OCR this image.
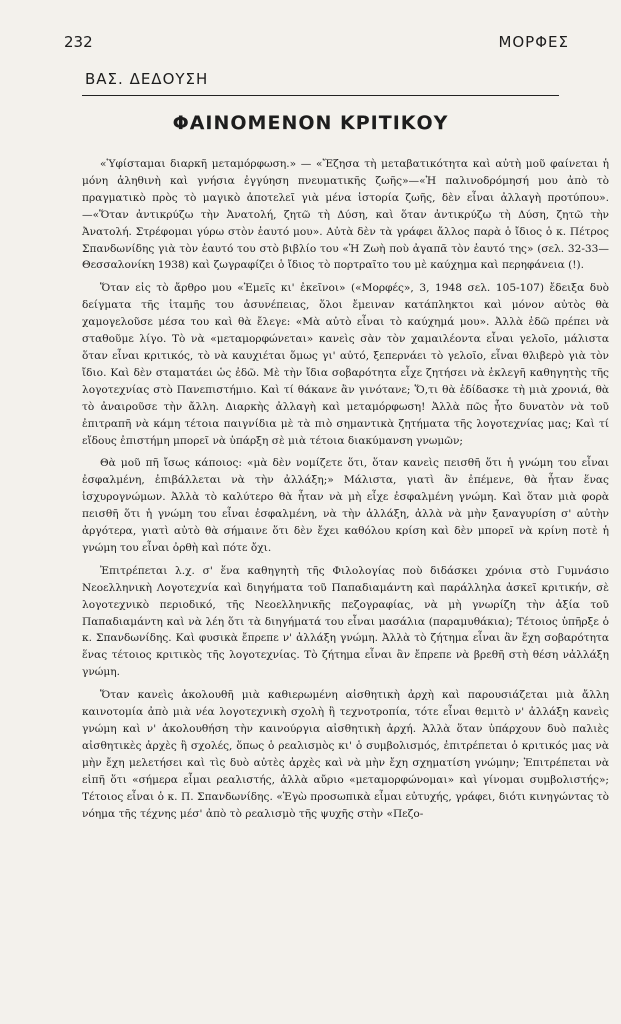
232	ΜΟΡΦΕΣ
ΒΑΣ. ΔΕΔΟΥΣΗ
ΦΑΙΝΟΜΕΝΟΝ ΚΡΙΤΙΚΟΥ

«Ὑφίσταμαι διαρκῆ μεταμόρφωση.» — «Ἔζησα τὴ μεταβατικότητα καὶ αὐτὴ μοῦ φαίνεται ἡ μόνη ἀληθινὴ καὶ γνήσια ἐγγύηση πνευματικῆς ζωῆς»—«Ἡ παλινοδρόμησή μου ἀπὸ τὸ πραγματικὸ πρὸς τὸ μαγικὸ ἀποτελεῖ γιὰ μένα ἱστορία ζωῆς, δὲν εἶναι ἀλλαγὴ προτύπου».—«Ὅταν ἀντικρύζω τὴν Ἀνατολή, ζητῶ τὴ Δύση, καὶ ὅταν ἀντικρύζω τὴ Δύση, ζητῶ τὴν Ἀνατολή. Στρέφομαι γύρω στὸν ἑαυτό μου». Αὐτὰ δὲν τὰ γράφει ἄλλος παρὰ ὁ ἴδιος ὁ κ. Πέτρος Σπανδωνίδης γιὰ τὸν ἑαυτό του στὸ βιβλίο του «Ἡ Ζωὴ ποὺ ἀγαπᾶ τὸν ἑαυτό της» (σελ. 32-33—Θεσσαλονίκη 1938) καὶ ζωγραφίζει ὁ ἴδιος τὸ πορτραῖτο του μὲ καύχημα καὶ περηφάνεια (!).

Ὅταν εἰς τὸ ἄρθρο μου «Ἐμεῖς κι' ἐκεῖνοι» («Μορφές», 3, 1948 σελ. 105-107) ἔδειξα δυὸ δείγματα τῆς ἰταμῆς του ἀσυνέπειας, ὅλοι ἔμειναν κατάπληκτοι καὶ μόνον αὐτὸς θὰ χαμογελοῦσε μέσα του καὶ θὰ ἔλεγε: «Μὰ αὐτὸ εἶναι τὸ καύχημά μου». Ἀλλὰ ἐδῶ πρέπει νὰ σταθοῦμε λίγο. Τὸ νὰ «μεταμορφώνεται» κανεὶς σὰν τὸν χαμαιλέοντα εἶναι γελοῖο, μάλιστα ὅταν εἶναι κριτικός, τὸ νὰ καυχιέται ὅμως γι' αὐτό, ξεπερνάει τὸ γελοῖο, εἶναι θλιβερὸ γιὰ τὸν ἴδιο. Καὶ δὲν σταματάει ὡς ἐδῶ. Μὲ τὴν ἴδια σοβαρότητα εἶχε ζητήσει νὰ ἐκλεγῆ καθηγητὴς τῆς λογοτεχνίας στὸ Πανεπιστήμιο. Καὶ τί θάκανε ἂν γινότανε; Ὅ,τι θὰ ἐδίδασκε τὴ μιὰ χρονιά, θὰ τὸ ἀναιροῦσε τὴν ἄλλη. Διαρκὴς ἀλλαγὴ καὶ μεταμόρφωση! Ἀλλὰ πῶς ἦτο δυνατὸν νὰ τοῦ ἐπιτραπῆ νὰ κάμη τέτοια παιγνίδια μὲ τὰ πιὸ σημαντικὰ ζητήματα τῆς λογοτεχνίας μας; Καὶ τί εἴδους ἐπιστήμη μπορεῖ νὰ ὑπάρξη σὲ μιὰ τέτοια διακύμανση γνωμῶν;

Θὰ μοῦ πῆ ἴσως κάποιος: «μὰ δὲν νομίζετε ὅτι, ὅταν κανεὶς πεισθῆ ὅτι ἡ γνώμη του εἶναι ἐσφαλμένη, ἐπιβάλλεται νὰ τὴν ἀλλάξη;» Μάλιστα, γιατὶ ἂν ἐπέμενε, θὰ ἦταν ἕνας ἰσχυρογνώμων. Ἀλλὰ τὸ καλύτερο θὰ ἦταν νὰ μὴ εἶχε ἐσφαλμένη γνώμη. Καὶ ὅταν μιὰ φορὰ πεισθῆ ὅτι ἡ γνώμη του εἶναι ἐσφαλμένη, νὰ τὴν ἀλλάξη, ἀλλὰ νὰ μὴν ξαναγυρίση σ' αὐτὴν ἀργότερα, γιατὶ αὐτὸ θὰ σήμαινε ὅτι δὲν ἔχει καθόλου κρίση καὶ δὲν μπορεῖ νὰ κρίνη ποτὲ ἡ γνώμη του εἶναι ὀρθὴ καὶ πότε ὄχι.

Ἐπιτρέπεται λ.χ. σ' ἕνα καθηγητὴ τῆς Φιλολογίας ποὺ διδάσκει χρόνια στὸ Γυμνάσιο Νεοελληνικὴ Λογοτεχνία καὶ διηγήματα τοῦ Παπαδιαμάντη καὶ παράλληλα ἀσκεῖ κριτικήν, σὲ λογοτεχνικὸ περιοδικό, τῆς Νεοελληνικῆς πεζογραφίας, νὰ μὴ γνωρίζη τὴν ἀξία τοῦ Παπαδιαμάντη καὶ νὰ λέη ὅτι τὰ διηγήματά του εἶναι μασάλια (παραμυθάκια); Τέτοιος ὑπῆρξε ὁ κ. Σπανδωνίδης. Καὶ φυσικὰ ἔπρεπε ν' ἀλλάξη γνώμη. Ἀλλὰ τὸ ζήτημα εἶναι ἂν ἔχη σοβαρότητα ἕνας τέτοιος κριτικὸς τῆς λογοτεχνίας. Τὸ ζήτημα εἶναι ἂν ἔπρεπε νὰ βρεθῆ στὴ θέση νἀλλάξη γνώμη.

Ὅταν κανεὶς ἀκολουθῆ μιὰ καθιερωμένη αἰσθητικὴ ἀρχὴ καὶ παρουσιάζεται μιὰ ἄλλη καινοτομία ἀπὸ μιὰ νέα λογοτεχνικὴ σχολὴ ἢ τεχνοτροπία, τότε εἶναι θεμιτὸ ν' ἀλλάξη κανεὶς γνώμη καὶ ν' ἀκολουθήση τὴν καινούργια αἰσθητικὴ ἀρχή. Ἀλλὰ ὅταν ὑπάρχουν δυὸ παλιὲς αἰσθητικὲς ἀρχὲς ἢ σχολές, ὅπως ὁ ρεαλισμὸς κι' ὁ συμβολισμός, ἐπιτρέπεται ὁ κριτικός μας νὰ μὴν ἔχη μελετήσει καὶ τὶς δυὸ αὐτὲς ἀρχὲς καὶ νὰ μὴν ἔχη σχηματίση γνώμην; Ἐπιτρέπεται νὰ εἰπῆ ὅτι «σήμερα εἶμαι ρεαλιστής, ἀλλὰ αὔριο «μεταμορφώνομαι» καὶ γίνομαι συμβολιστής»; Τέτοιος εἶναι ὁ κ. Π. Σπανδωνίδης. «Ἐγὼ προσωπικὰ εἶμαι εὐτυχής, γράφει, διότι κινηγώντας τὸ νόημα τῆς τέχνης μέσ' ἀπὸ τὸ ρεαλισμὸ τῆς ψυχῆς στὴν «Πεζο-
